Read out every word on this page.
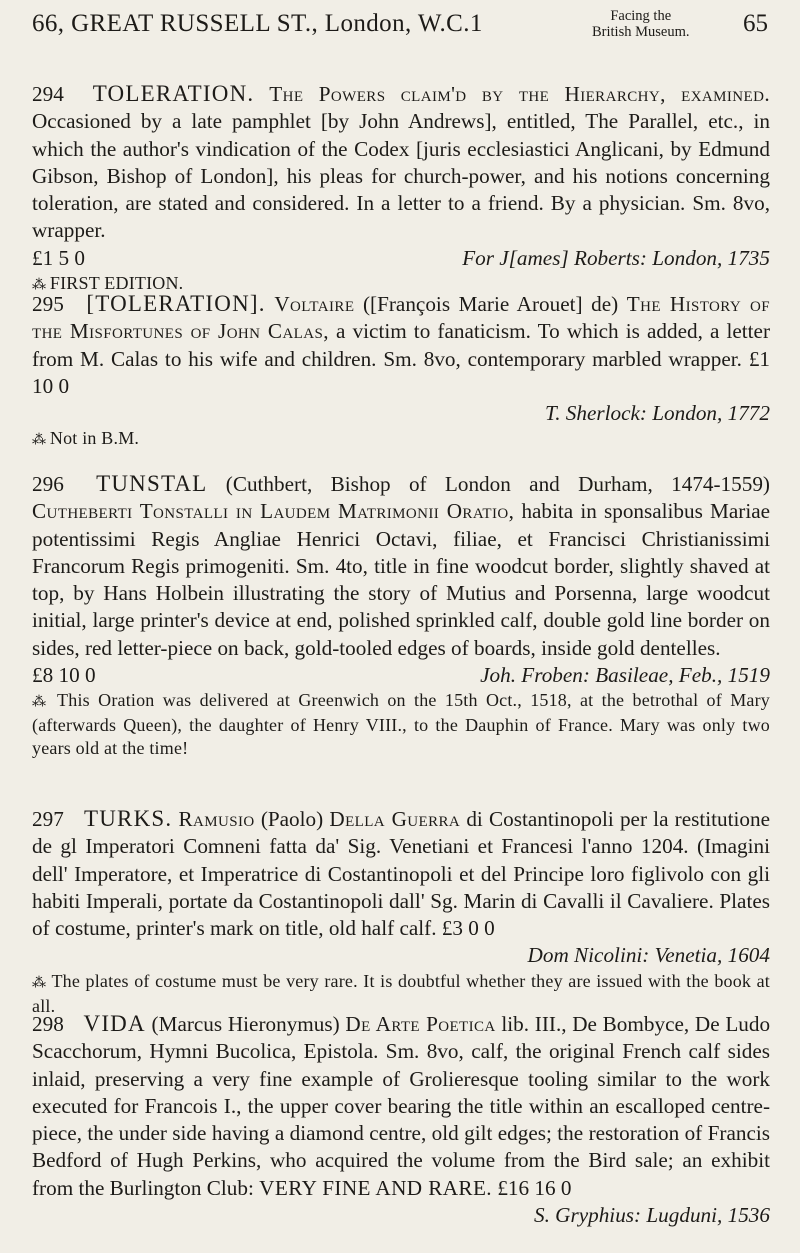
66, GREAT RUSSELL ST., London, W.C.1	Facing the
British Museum. 65

294 TOLERATION. The Powers claim'd by the Hierarchy, examined. Occasioned by a late pamphlet [by John Andrews], entitled, The Parallel, etc., in which the author's vindication of the Codex [juris ecclesiastici Anglicani, by Edmund Gibson, Bishop of London], his pleas for church-power, and his notions concerning toleration, are stated and considered. In a letter to a friend. By a physician. Sm. 8vo, wrapper.

£1 5 0	For J[ames] Roberts: London, 1735

⁂ FIRST EDITION.

295 [TOLERATION]. Voltaire ([François Marie Arouet] de) The History of the Misfortunes of John Calas, a victim to fanaticism. To which is added, a letter from M. Calas to his wife and children. Sm. 8vo, contemporary marbled wrapper. £1 10 0

T. Sherlock: London, 1772

⁂ Not in B.M.

296 TUNSTAL (Cuthbert, Bishop of London and Durham, 1474-1559) Cutheberti Tonstalli in Laudem Matrimonii Oratio, habita in sponsalibus Mariae potentissimi Regis Angliae Henrici Octavi, filiae, et Francisci Christianissimi Francorum Regis primogeniti. Sm. 4to, title in fine woodcut border, slightly shaved at top, by Hans Holbein illustrating the story of Mutius and Porsenna, large woodcut initial, large printer's device at end, polished sprinkled calf, double gold line border on sides, red letter-piece on back, gold-tooled edges of boards, inside gold dentelles.

£8 10 0	Joh. Froben: Basileae, Feb., 1519

⁂ This Oration was delivered at Greenwich on the 15th Oct., 1518, at the betrothal of Mary (afterwards Queen), the daughter of Henry VIII., to the Dauphin of France. Mary was only two years old at the time!

297 TURKS. Ramusio (Paolo) Della Guerra di Costantinopoli per la restitutione de gl Imperatori Comneni fatta da' Sig. Venetiani et Francesi l'anno 1204. (Imagini dell' Imperatore, et Imperatrice di Costantinopoli et del Principe loro figlivolo con gli habiti Imperali, portate da Costantinopoli dall' Sg. Marin di Cavalli il Cavaliere. Plates of costume, printer's mark on title, old half calf. £3 0 0

Dom Nicolini: Venetia, 1604

⁂ The plates of costume must be very rare. It is doubtful whether they are issued with the book at all.

298 VIDA (Marcus Hieronymus) De Arte Poetica lib. III., De Bombyce, De Ludo Scacchorum, Hymni Bucolica, Epistola. Sm. 8vo, calf, the original French calf sides inlaid, preserving a very fine example of Grolieresque tooling similar to the work executed for Francois I., the upper cover bearing the title within an escalloped centre-piece, the under side having a diamond centre, old gilt edges; the restoration of Francis Bedford of Hugh Perkins, who acquired the volume from the Bird sale; an exhibit from the Burlington Club: VERY FINE AND RARE. £16 16 0

S. Gryphius: Lugduni, 1536
